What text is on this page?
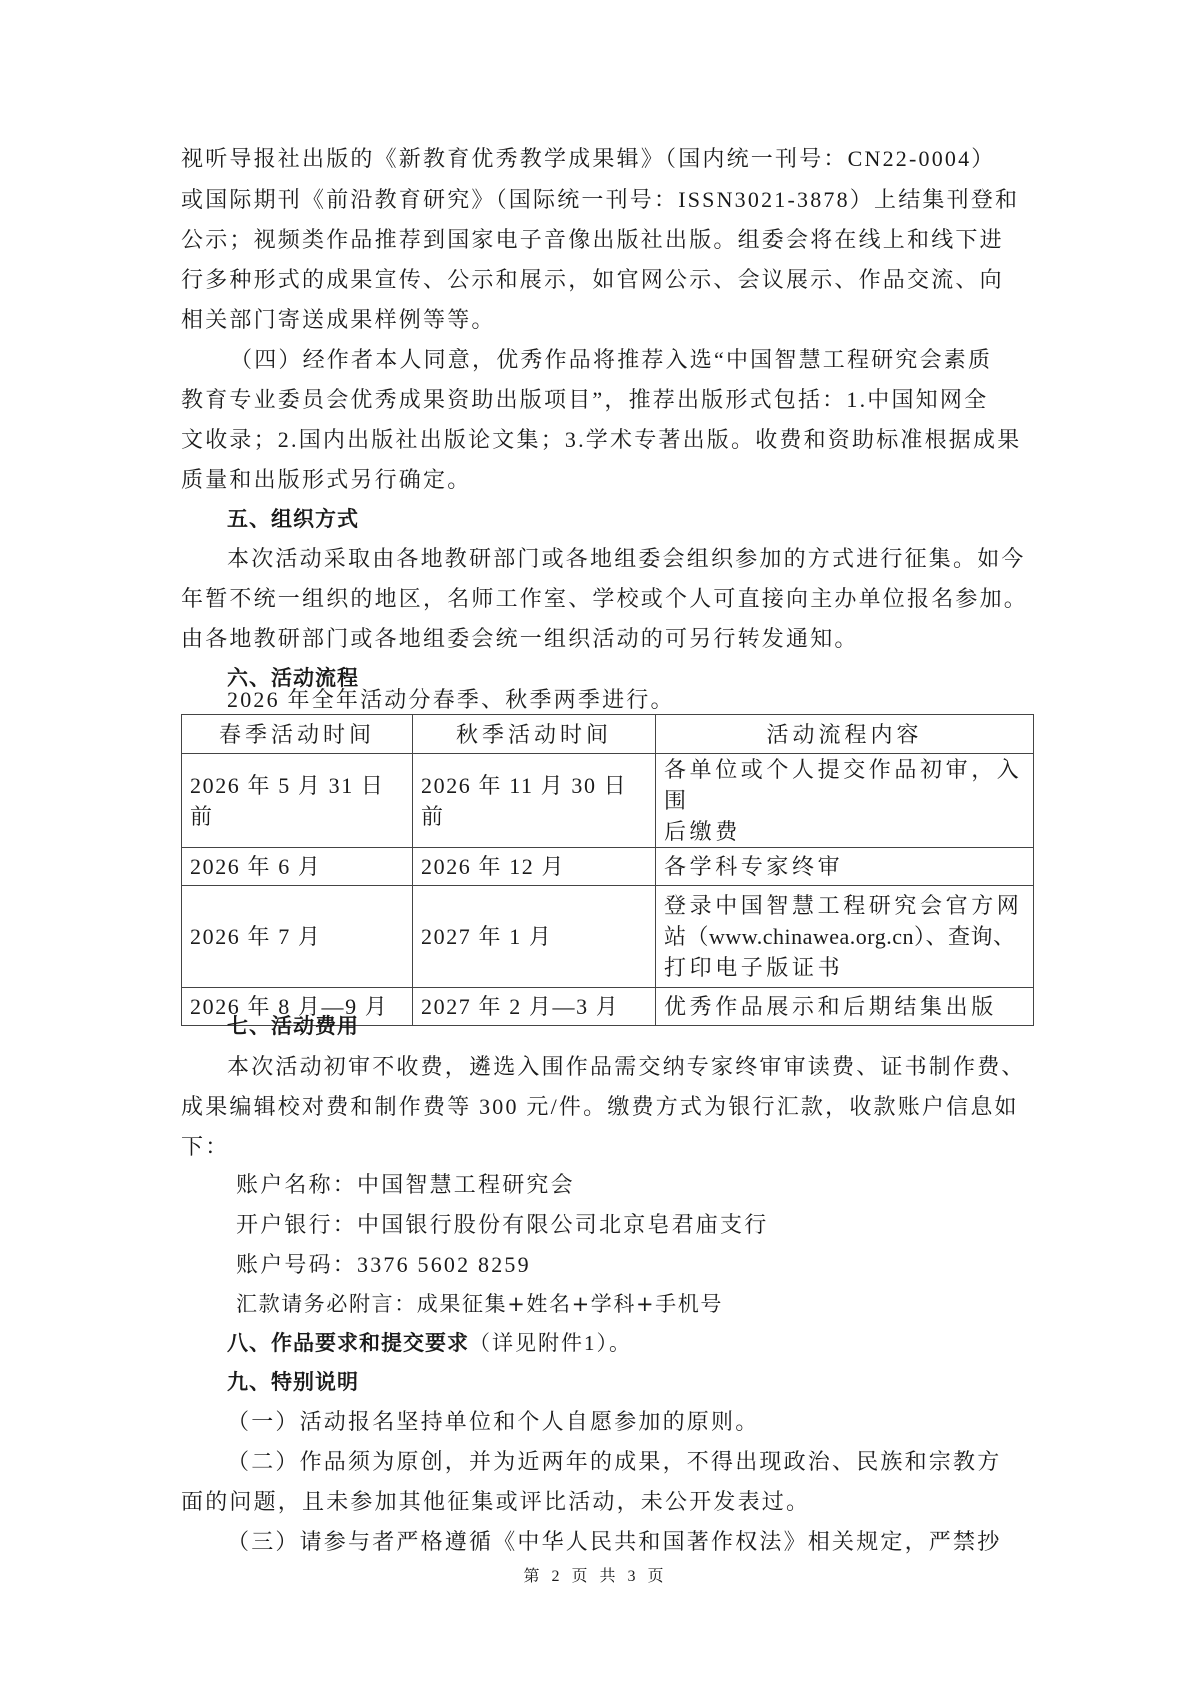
视听导报社出版的《新教育优秀教学成果辑》（国内统一刊号：CN22-0004）
或国际期刊《前沿教育研究》（国际统一刊号：ISSN3021-3878）上结集刊登和
公示；视频类作品推荐到国家电子音像出版社出版。组委会将在线上和线下进
行多种形式的成果宣传、公示和展示，如官网公示、会议展示、作品交流、向
相关部门寄送成果样例等等。
（四）经作者本人同意，优秀作品将推荐入选“中国智慧工程研究会素质
教育专业委员会优秀成果资助出版项目”，推荐出版形式包括：1.中国知网全
文收录；2.国内出版社出版论文集；3.学术专著出版。收费和资助标准根据成果
质量和出版形式另行确定。
五、组织方式
本次活动采取由各地教研部门或各地组委会组织参加的方式进行征集。如今
年暂不统一组织的地区，名师工作室、学校或个人可直接向主办单位报名参加。
由各地教研部门或各地组委会统一组织活动的可另行转发通知。
六、活动流程
2026 年全年活动分春季、秋季两季进行。
春季活动时间	秋季活动时间	活动流程内容
2026 年 5 月 31 日前	2026 年 11 月 30 日前	各单位或个人提交作品初审，入围
后缴费

2026 年 6 月	2026 年 12 月	各学科专家终审

2026 年 7 月	2027 年 1 月	登录中国智慧工程研究会官方网
站（www.chinawea.org.cn）、查询、
打印电子版证书

2026 年 8 月—9 月	2027 年 2 月—3 月	优秀作品展示和后期结集出版
七、活动费用
本次活动初审不收费，遴选入围作品需交纳专家终审审读费、证书制作费、
成果编辑校对费和制作费等 300 元/件。缴费方式为银行汇款，收款账户信息如
下：
账户名称：中国智慧工程研究会
开户银行：中国银行股份有限公司北京皂君庙支行
账户号码：3376 5602 8259
汇款请务必附言：成果征集+姓名+学科+手机号
八、作品要求和提交要求（详见附件1）。
九、特别说明
（一）活动报名坚持单位和个人自愿参加的原则。
（二）作品须为原创，并为近两年的成果，不得出现政治、民族和宗教方
面的问题，且未参加其他征集或评比活动，未公开发表过。
（三）请参与者严格遵循《中华人民共和国著作权法》相关规定，严禁抄
第 2 页 共 3 页
